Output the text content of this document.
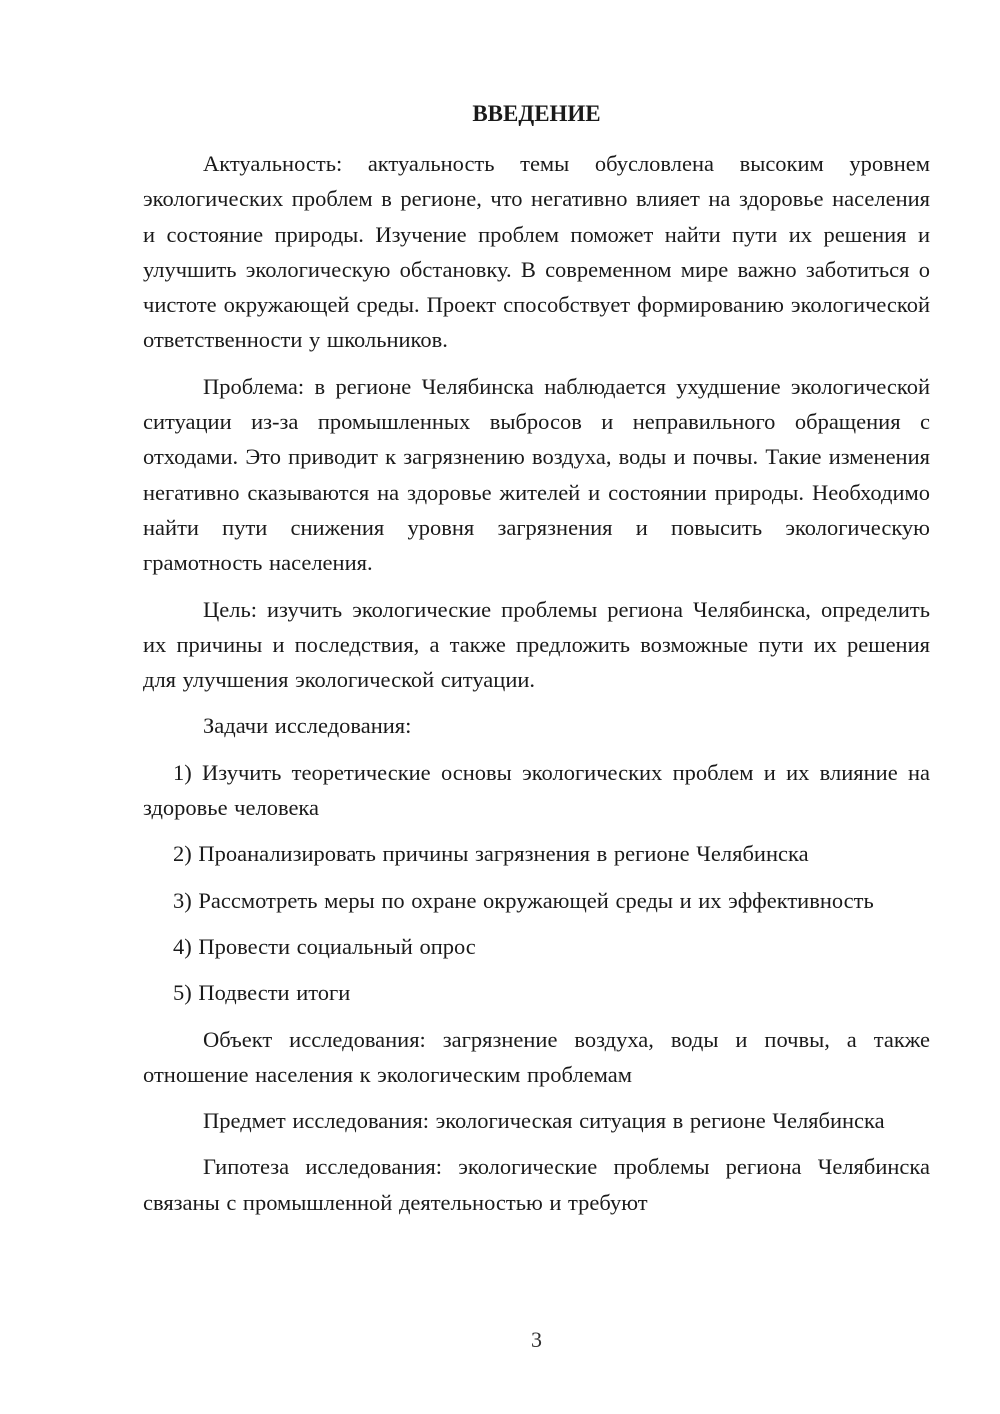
ВВЕДЕНИЕ

Актуальность: актуальность темы обусловлена высоким уровнем экологических проблем в регионе, что негативно влияет на здоровье населения и состояние природы. Изучение проблем поможет найти пути их решения и улучшить экологическую обстановку. В современном мире важно заботиться о чистоте окружающей среды. Проект способствует формированию экологической ответственности у школьников.

Проблема: в регионе Челябинска наблюдается ухудшение экологической ситуации из-за промышленных выбросов и неправильного обращения с отходами. Это приводит к загрязнению воздуха, воды и почвы. Такие изменения негативно сказываются на здоровье жителей и состоянии природы. Необходимо найти пути снижения уровня загрязнения и повысить экологическую грамотность населения.

Цель: изучить экологические проблемы региона Челябинска, определить их причины и последствия, а также предложить возможные пути их решения для улучшения экологической ситуации.

Задачи исследования:

1) Изучить теоретические основы экологических проблем и их влияние на здоровье человека

2) Проанализировать причины загрязнения в регионе Челябинска

3) Рассмотреть меры по охране окружающей среды и их эффективность

4) Провести социальный опрос

5) Подвести итоги

Объект исследования: загрязнение воздуха, воды и почвы, а также отношение населения к экологическим проблемам

Предмет исследования: экологическая ситуация в регионе Челябинска

Гипотеза исследования: экологические проблемы региона Челябинска связаны с промышленной деятельностью и требуют

3
